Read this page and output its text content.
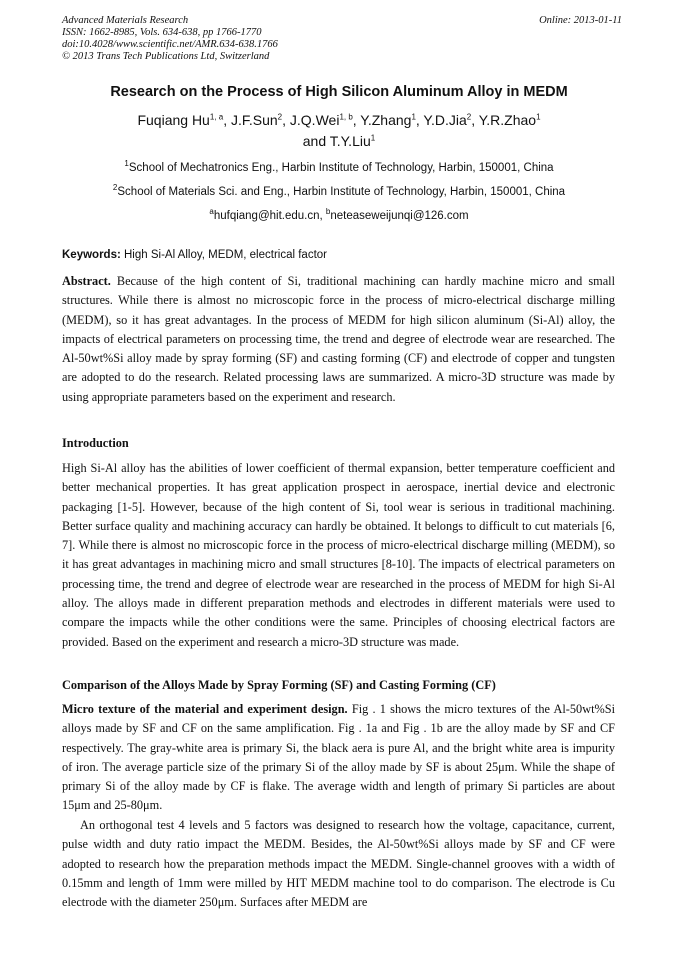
Advanced Materials Research
ISSN: 1662-8985, Vols. 634-638, pp 1766-1770
doi:10.4028/www.scientific.net/AMR.634-638.1766
© 2013 Trans Tech Publications Ltd, Switzerland
Online: 2013-01-11
Research on the Process of High Silicon Aluminum Alloy in MEDM
Fuqiang Hu$^{1, a}$, J.F.Sun$^2$, J.Q.Wei$^{1, b}$, Y.Zhang$^1$, Y.D.Jia$^2$, Y.R.Zhao$^1$
and T.Y.Liu$^1$
$^1$School of Mechatronics Eng., Harbin Institute of Technology, Harbin, 150001, China
$^2$School of Materials Sci. and Eng., Harbin Institute of Technology, Harbin, 150001, China
$^a$hufqiang@hit.edu.cn, $^b$neteaseweijunqi@126.com
Keywords: High Si-Al Alloy, MEDM, electrical factor
Abstract. Because of the high content of Si, traditional machining can hardly machine micro and small structures. While there is almost no microscopic force in the process of micro-electrical discharge milling (MEDM), so it has great advantages. In the process of MEDM for high silicon aluminum (Si-Al) alloy, the impacts of electrical parameters on processing time, the trend and degree of electrode wear are researched. The Al-50wt%Si alloy made by spray forming (SF) and casting forming (CF) and electrode of copper and tungsten are adopted to do the research. Related processing laws are summarized. A micro-3D structure was made by using appropriate parameters based on the experiment and research.
Introduction
High Si-Al alloy has the abilities of lower coefficient of thermal expansion, better temperature coefficient and better mechanical properties. It has great application prospect in aerospace, inertial device and electronic packaging [1-5]. However, because of the high content of Si, tool wear is serious in traditional machining. Better surface quality and machining accuracy can hardly be obtained. It belongs to difficult to cut materials [6, 7]. While there is almost no microscopic force in the process of micro-electrical discharge milling (MEDM), so it has great advantages in machining micro and small structures [8-10]. The impacts of electrical parameters on processing time, the trend and degree of electrode wear are researched in the process of MEDM for high Si-Al alloy. The alloys made in different preparation methods and electrodes in different materials were used to compare the impacts while the other conditions were the same. Principles of choosing electrical factors are provided. Based on the experiment and research a micro-3D structure was made.
Comparison of the Alloys Made by Spray Forming (SF) and Casting Forming (CF)
Micro texture of the material and experiment design. Fig . 1 shows the micro textures of the Al-50wt%Si alloys made by SF and CF on the same amplification. Fig . 1a and Fig . 1b are the alloy made by SF and CF respectively. The gray-white area is primary Si, the black aera is pure Al, and the bright white area is impurity of iron. The average particle size of the primary Si of the alloy made by SF is about 25μm. While the shape of primary Si of the alloy made by CF is flake. The average width and length of primary Si particles are about 15μm and 25-80μm.
An orthogonal test 4 levels and 5 factors was designed to research how the voltage, capacitance, current, pulse width and duty ratio impact the MEDM. Besides, the Al-50wt%Si alloys made by SF and CF were adopted to research how the preparation methods impact the MEDM. Single-channel grooves with a width of 0.15mm and length of 1mm were milled by HIT MEDM machine tool to do comparison. The electrode is Cu electrode with the diameter 250μm. Surfaces after MEDM are
